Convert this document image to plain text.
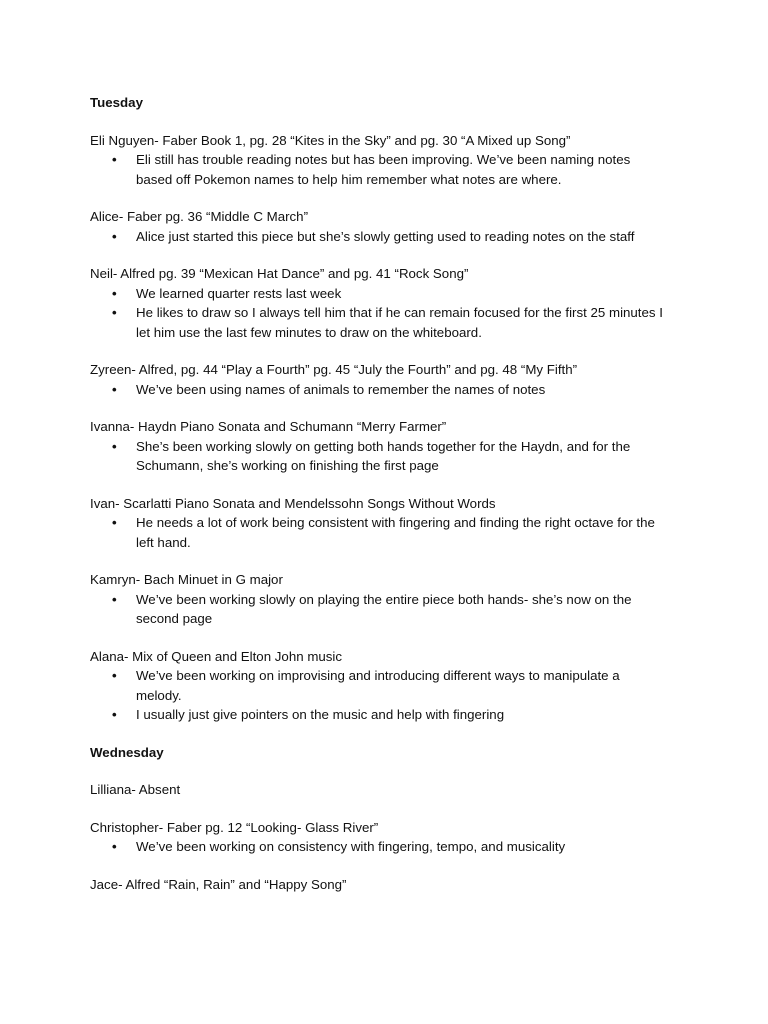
Tuesday
Eli Nguyen- Faber Book 1, pg. 28 “Kites in the Sky” and pg. 30 “A Mixed up Song”
• Eli still has trouble reading notes but has been improving. We’ve been naming notes based off Pokemon names to help him remember what notes are where.
Alice- Faber pg. 36 “Middle C March”
• Alice just started this piece but she’s slowly getting used to reading notes on the staff
Neil- Alfred pg. 39 “Mexican Hat Dance” and pg. 41 “Rock Song”
• We learned quarter rests last week
• He likes to draw so I always tell him that if he can remain focused for the first 25 minutes I let him use the last few minutes to draw on the whiteboard.
Zyreen- Alfred, pg. 44 “Play a Fourth” pg. 45 “July the Fourth” and pg. 48 “My Fifth”
• We’ve been using names of animals to remember the names of notes
Ivanna- Haydn Piano Sonata and Schumann “Merry Farmer”
• She’s been working slowly on getting both hands together for the Haydn, and for the Schumann, she’s working on finishing the first page
Ivan- Scarlatti Piano Sonata and Mendelssohn Songs Without Words
• He needs a lot of work being consistent with fingering and finding the right octave for the left hand.
Kamryn- Bach Minuet in G major
• We’ve been working slowly on playing the entire piece both hands- she’s now on the second page
Alana- Mix of Queen and Elton John music
• We’ve been working on improvising and introducing different ways to manipulate a melody.
• I usually just give pointers on the music and help with fingering
Wednesday
Lilliana- Absent
Christopher- Faber pg. 12 “Looking- Glass River”
• We’ve been working on consistency with fingering, tempo, and musicality
Jace- Alfred “Rain, Rain” and “Happy Song”
